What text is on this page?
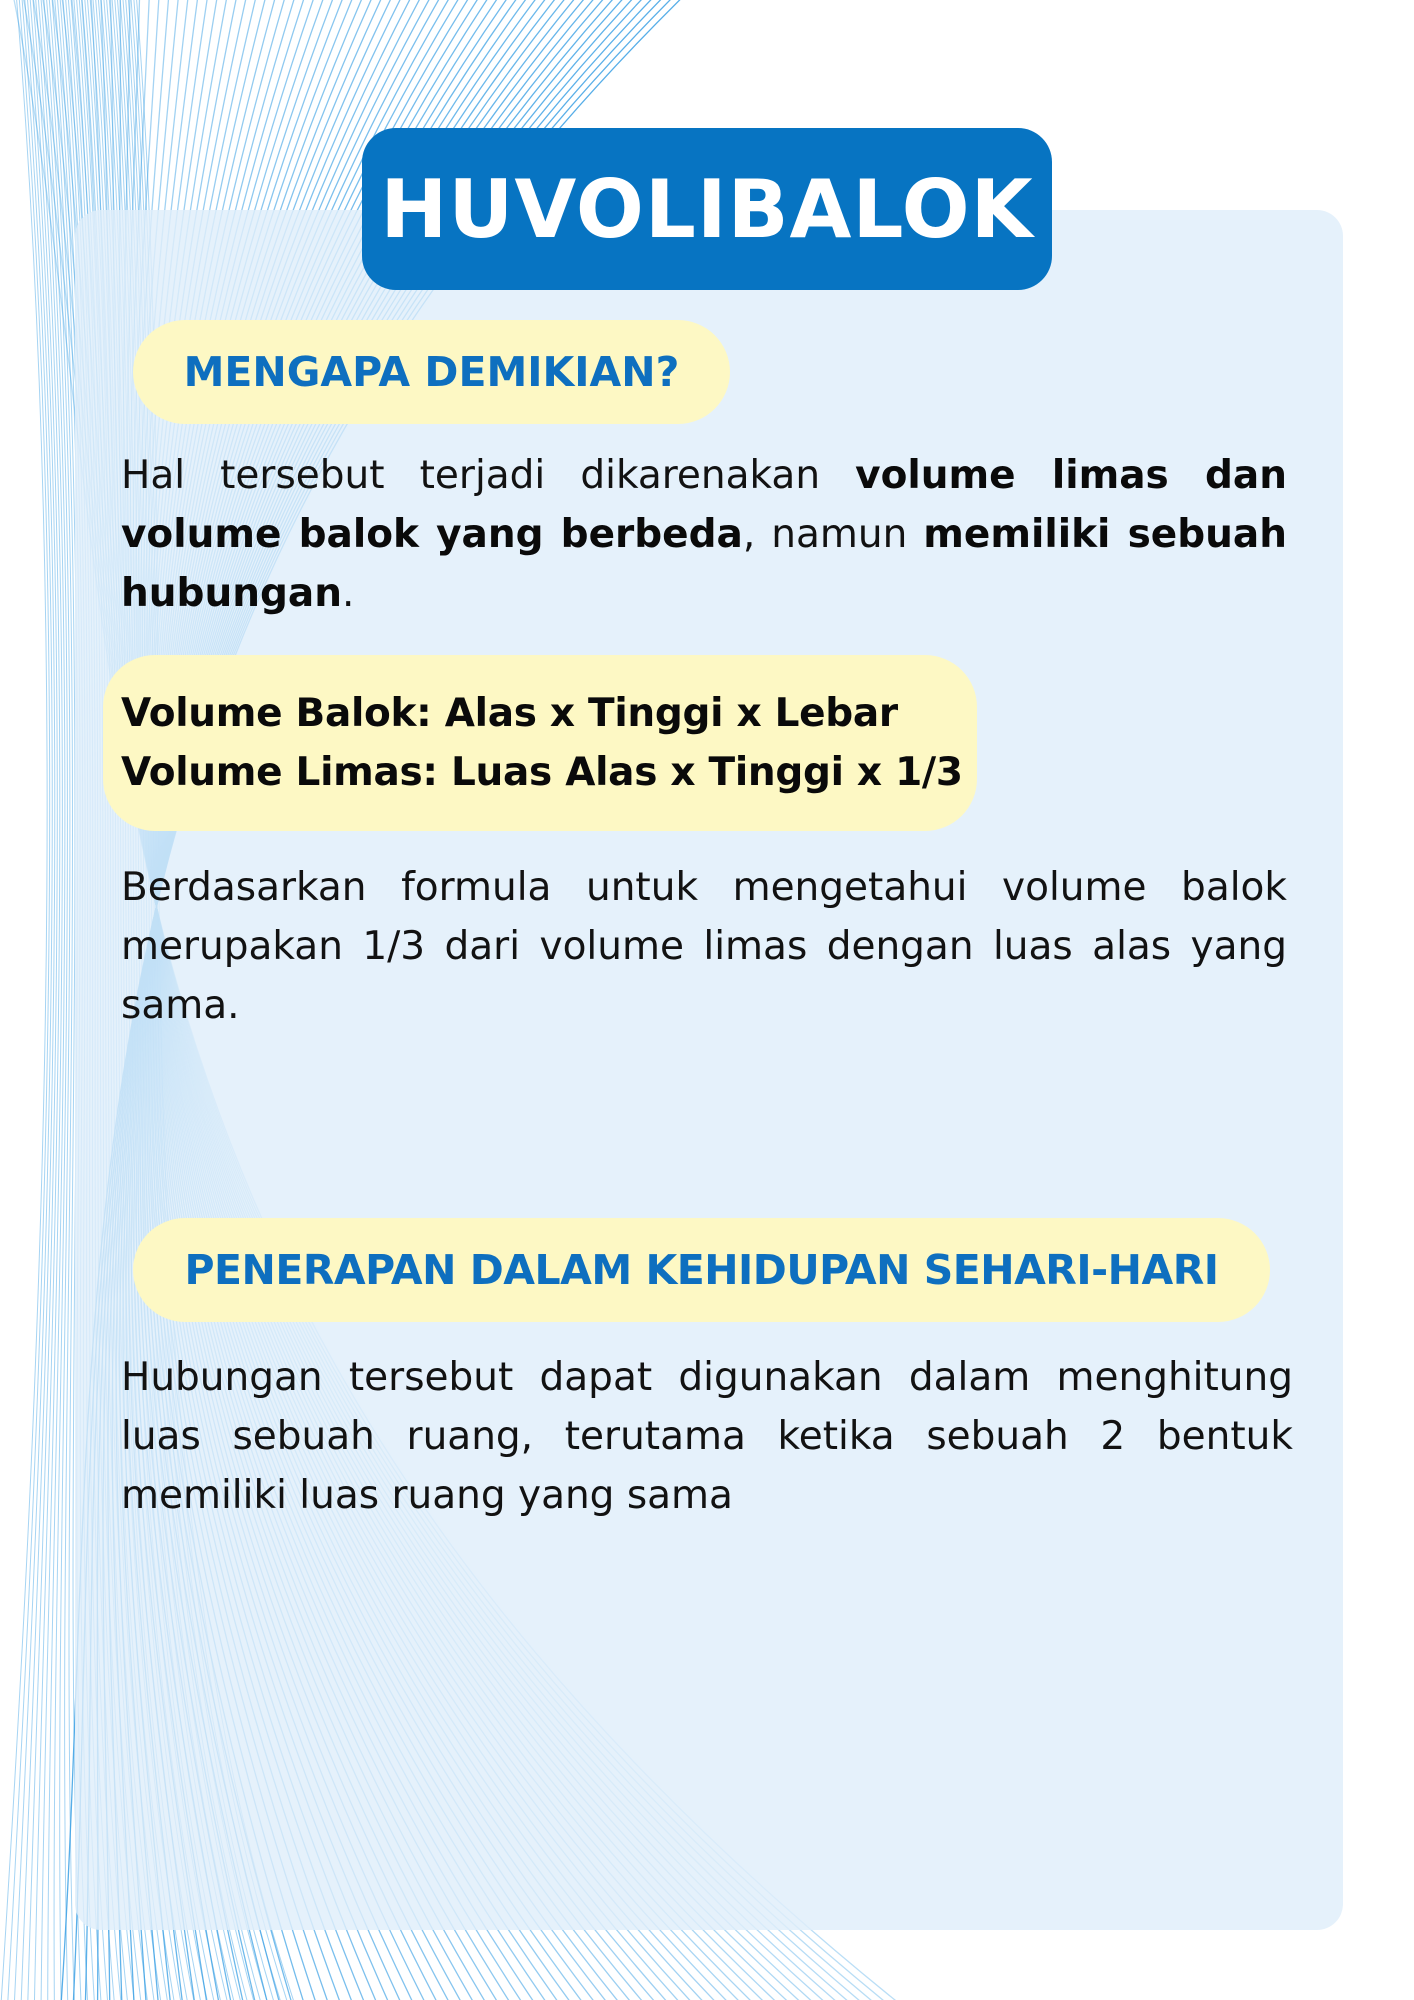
HUVOLIBALOK
MENGAPA DEMIKIAN?

Hal tersebut terjadi dikarenakan volume limas dan volume balok yang berbeda, namun memiliki sebuah hubungan.

Volume Balok: Alas x Tinggi x Lebar
Volume Limas: Luas Alas x Tinggi x 1/3

Berdasarkan formula untuk mengetahui volume balok merupakan 1/3 dari volume limas dengan luas alas yang sama.

PENERAPAN DALAM KEHIDUPAN SEHARI-HARI

Hubungan tersebut dapat digunakan dalam menghitung luas sebuah ruang, terutama ketika sebuah 2 bentuk memiliki luas ruang yang sama
